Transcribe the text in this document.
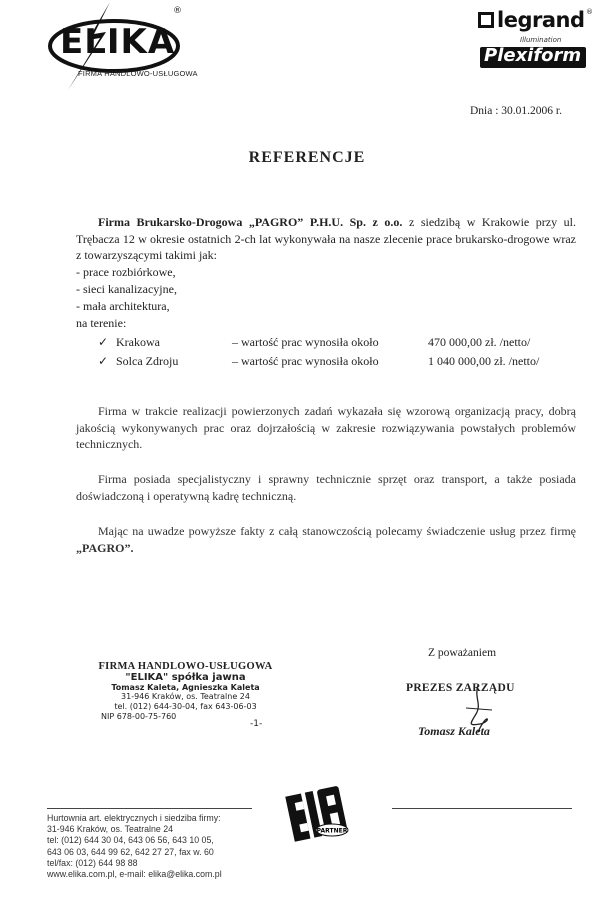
ELIKA
®
FIRMA HANDLOWO-USŁUGOWA
legrand ®
Illumination
Plexiform
Dnia : 30.01.2006 r.
REFERENCJE
Firma Brukarsko-Drogowa „PAGRO” P.H.U. Sp. z o.o. z siedzibą w Krakowie przy ul. Trębacza 12 w okresie ostatnich 2-ch lat wykonywała na nasze zlecenie prace brukarsko-drogowe wraz z towarzyszącymi takimi jak:
- prace rozbiórkowe,
- sieci kanalizacyjne,
- mała architektura,
na terenie:
✓ Krakowa	– wartość prac wynosiła około	470 000,00 zł. /netto/
✓ Solca Zdroju	– wartość prac wynosiła około	1 040 000,00 zł. /netto/
Firma w trakcie realizacji powierzonych zadań wykazała się wzorową organizacją pracy, dobrą jakością wykonywanych prac oraz dojrzałością w zakresie rozwiązywania powstałych problemów technicznych.
Firma posiada specjalistyczny i sprawny technicznie sprzęt oraz transport, a także posiada doświadczoną i operatywną kadrę techniczną.
Mając na uwadze powyższe fakty z całą stanowczością polecamy świadczenie usług przez firmę „PAGRO”.
Z poważaniem
PREZES ZARZĄDU
Tomasz Kaleta
FIRMA HANDLOWO-USŁUGOWA
"ELIKA" spółka jawna
Tomasz Kaleta, Agnieszka Kaleta
31-946 Kraków, os. Teatralne 24
tel. (012) 644-30-04, fax 643-06-03
NIP 678-00-75-760
-1-
Hurtownia art. elektrycznych i siedziba firmy:
31-946 Kraków, os. Teatralne 24
tel: (012) 644 30 04, 643 06 56, 643 10 05,
643 06 03, 644 99 62, 642 27 27, fax w. 60
tel/fax: (012) 644 98 88
www.elika.com.pl, e-mail: elika@elika.com.pl
PARTNER
